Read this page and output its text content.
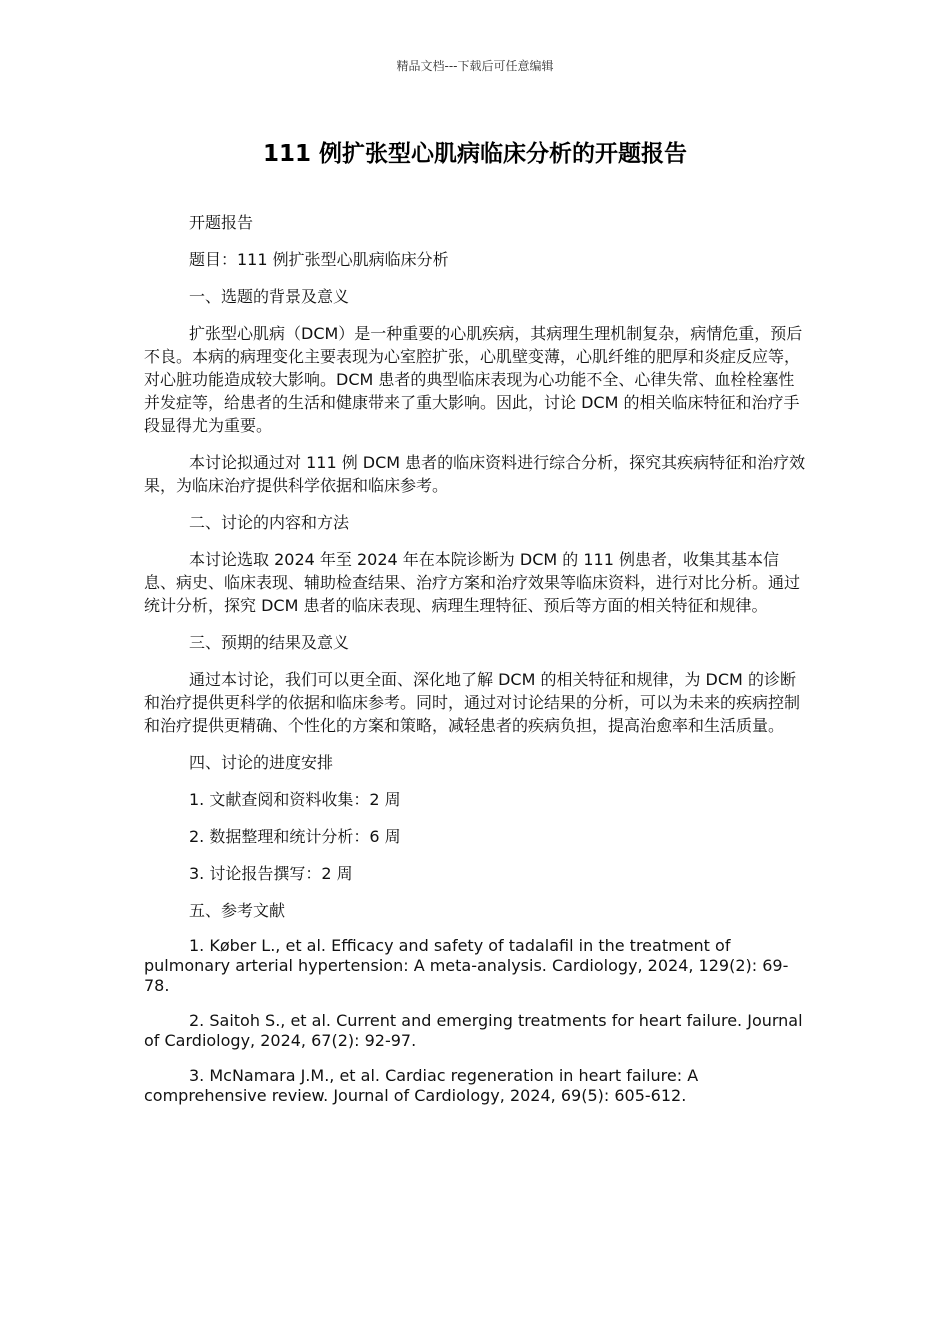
精品文档---下载后可任意编辑
111 例扩张型心肌病临床分析的开题报告

开题报告

题目：111 例扩张型心肌病临床分析

一、选题的背景及意义

扩张型心肌病（DCM）是一种重要的心肌疾病，其病理生理机制复杂，病情危重，预后不良。本病的病理变化主要表现为心室腔扩张，心肌壁变薄，心肌纤维的肥厚和炎症反应等，对心脏功能造成较大影响。DCM 患者的典型临床表现为心功能不全、心律失常、血栓栓塞性并发症等，给患者的生活和健康带来了重大影响。因此，讨论 DCM 的相关临床特征和治疗手段显得尤为重要。

本讨论拟通过对 111 例 DCM 患者的临床资料进行综合分析，探究其疾病特征和治疗效果，为临床治疗提供科学依据和临床参考。

二、讨论的内容和方法

本讨论选取 2024 年至 2024 年在本院诊断为 DCM 的 111 例患者，收集其基本信息、病史、临床表现、辅助检查结果、治疗方案和治疗效果等临床资料，进行对比分析。通过统计分析，探究 DCM 患者的临床表现、病理生理特征、预后等方面的相关特征和规律。

三、预期的结果及意义

通过本讨论，我们可以更全面、深化地了解 DCM 的相关特征和规律，为 DCM 的诊断和治疗提供更科学的依据和临床参考。同时，通过对讨论结果的分析，可以为未来的疾病控制和治疗提供更精确、个性化的方案和策略，减轻患者的疾病负担，提高治愈率和生活质量。

四、讨论的进度安排

1. 文献查阅和资料收集：2 周

2. 数据整理和统计分析：6 周

3. 讨论报告撰写：2 周

五、参考文献

1. Køber L., et al. Efficacy and safety of tadalafil in the treatment of pulmonary arterial hypertension: A meta-analysis. Cardiology, 2024, 129(2): 69-78.

2. Saitoh S., et al. Current and emerging treatments for heart failure. Journal of Cardiology, 2024, 67(2): 92-97.

3. McNamara J.M., et al. Cardiac regeneration in heart failure: A comprehensive review. Journal of Cardiology, 2024, 69(5): 605-612.
